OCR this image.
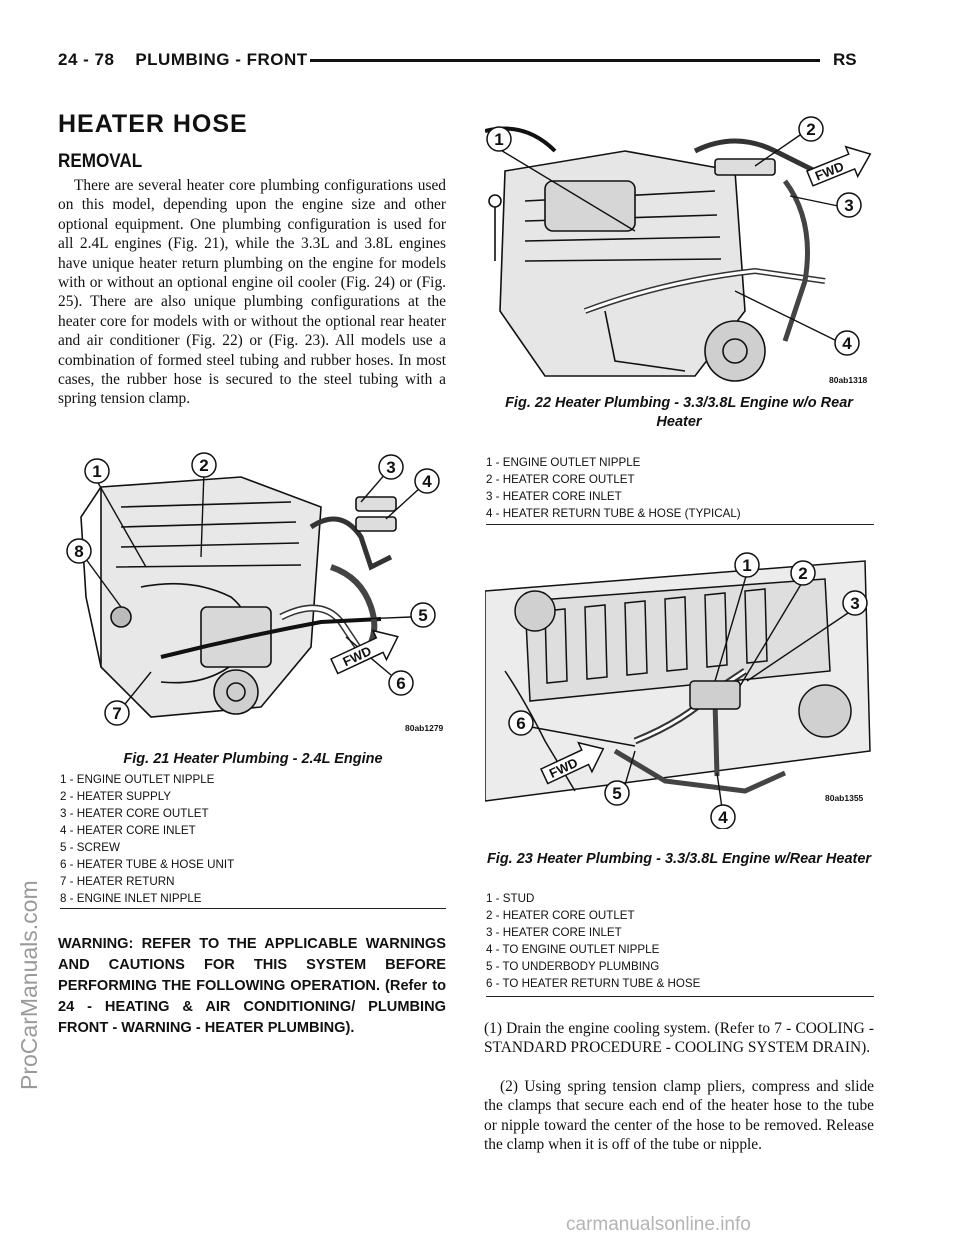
24 - 78    PLUMBING - FRONT	RS
HEATER HOSE
REMOVAL
There are several heater core plumbing configurations used on this model, depending upon the engine size and other optional equipment. One plumbing configuration is used for all 2.4L engines (Fig. 21), while the 3.3L and 3.8L engines have unique heater return plumbing on the engine for models with or without an optional engine oil cooler (Fig. 24) or (Fig. 25). There are also unique plumbing configurations at the heater core for models with or without the optional rear heater and air conditioner (Fig. 22) or (Fig. 23). All models use a combination of formed steel tubing and rubber hoses. In most cases, the rubber hose is secured to the steel tubing with a spring tension clamp.
1	2	3
4
5
6
7
8
FWD
80ab1279
Fig. 21 Heater Plumbing - 2.4L Engine
1 - ENGINE OUTLET NIPPLE
2 - HEATER SUPPLY
3 - HEATER CORE OUTLET
4 - HEATER CORE INLET
5 - SCREW
6 - HEATER TUBE & HOSE UNIT
7 - HEATER RETURN
8 - ENGINE INLET NIPPLE
WARNING: REFER TO THE APPLICABLE WARNINGS AND CAUTIONS FOR THIS SYSTEM BEFORE PERFORMING THE FOLLOWING OPERATION. (Refer to 24 - HEATING & AIR CONDITIONING/ PLUMBING FRONT - WARNING - HEATER PLUMBING).
1
2
3
4
FWD
80ab1318
Fig. 22 Heater Plumbing - 3.3/3.8L Engine w/o Rear Heater
1 - ENGINE OUTLET NIPPLE
2 - HEATER CORE OUTLET
3 - HEATER CORE INLET
4 - HEATER RETURN TUBE & HOSE (TYPICAL)
1	2
3
4
5
6
FWD
80ab1355
Fig. 23 Heater Plumbing - 3.3/3.8L Engine w/Rear Heater
1 - STUD
2 - HEATER CORE OUTLET
3 - HEATER CORE INLET
4 - TO ENGINE OUTLET NIPPLE
5 - TO UNDERBODY PLUMBING
6 - TO HEATER RETURN TUBE & HOSE
(1) Drain the engine cooling system. (Refer to 7 - COOLING - STANDARD PROCEDURE - COOLING SYSTEM DRAIN).
(2) Using spring tension clamp pliers, compress and slide the clamps that secure each end of the heater hose to the tube or nipple toward the center of the hose to be removed. Release the clamp when it is off of the tube or nipple.
ProCarManuals.com
carmanualsonline.info
